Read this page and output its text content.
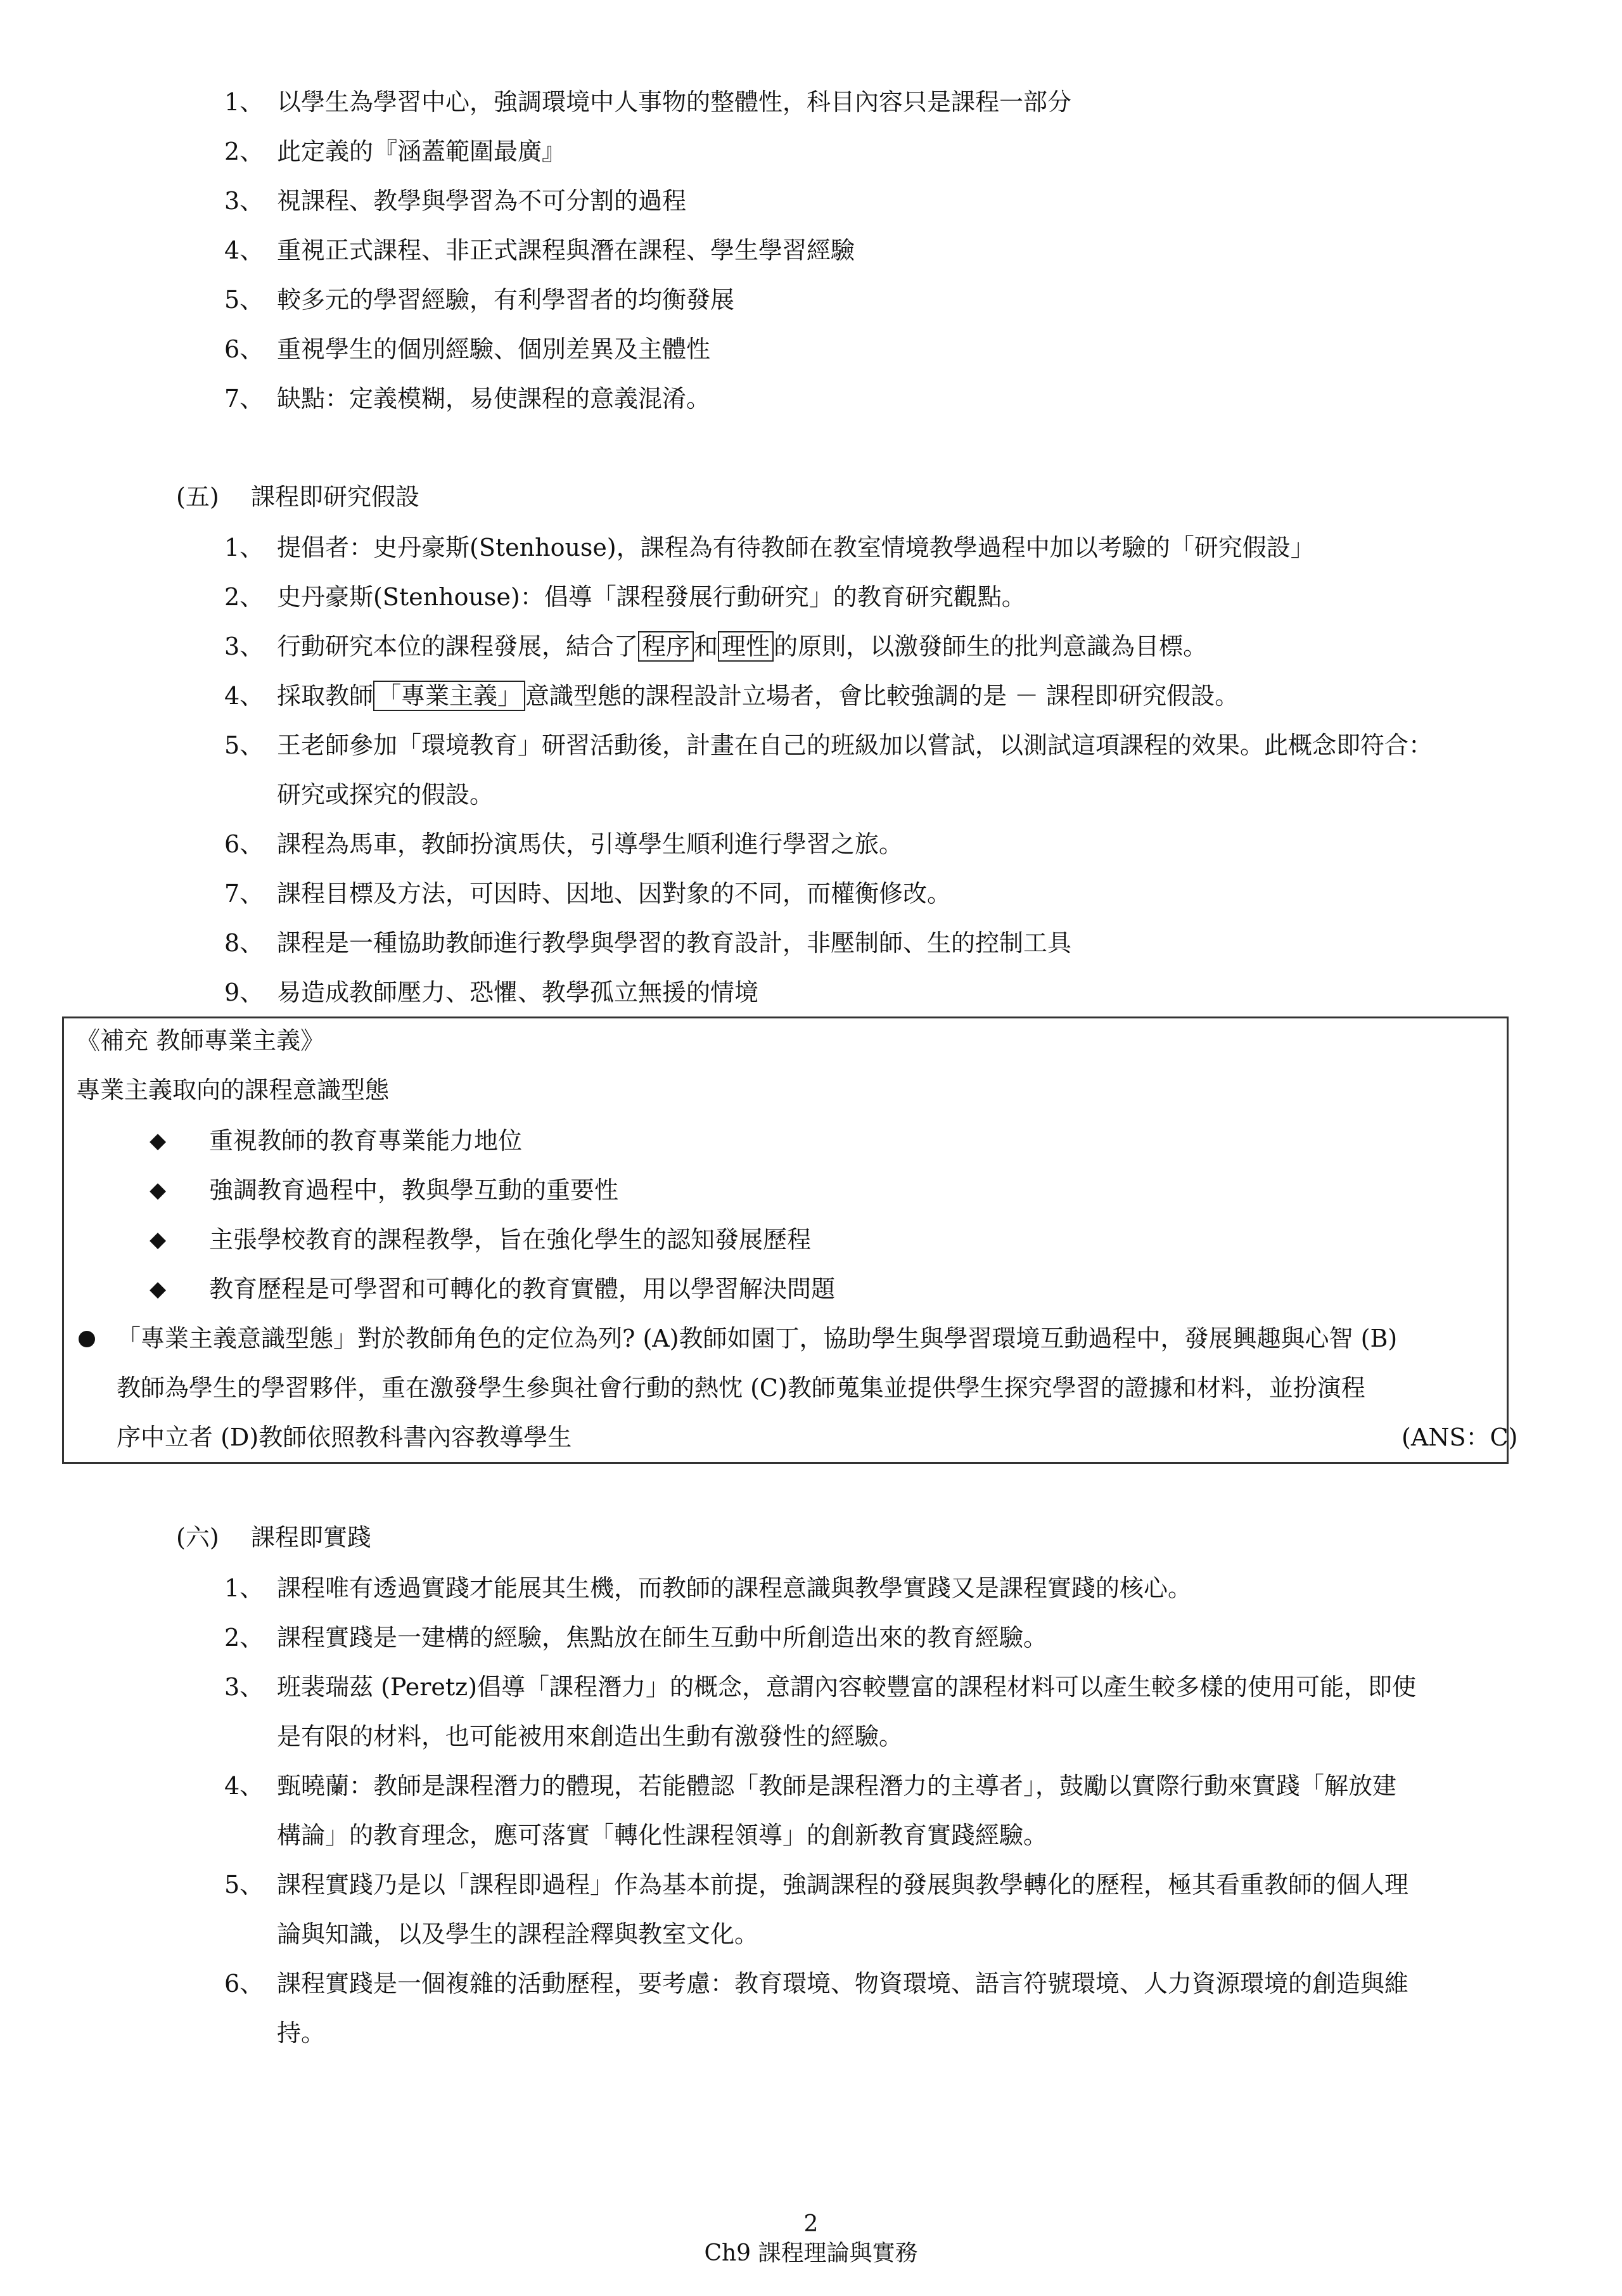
1、 以學生為學習中心，強調環境中人事物的整體性，科目內容只是課程一部分
2、 此定義的『涵蓋範圍最廣』
3、 視課程、教學與學習為不可分割的過程
4、 重視正式課程、非正式課程與潛在課程、學生學習經驗
5、 較多元的學習經驗，有利學習者的均衡發展
6、 重視學生的個別經驗、個別差異及主體性
7、 缺點：定義模糊，易使課程的意義混淆。
(五) 課程即研究假設
1、 提倡者：史丹豪斯(Stenhouse)，課程為有待教師在教室情境教學過程中加以考驗的「研究假設」
2、 史丹豪斯(Stenhouse)：倡導「課程發展行動研究」的教育研究觀點。
3、 行動研究本位的課程發展，結合了 程序 和 理性 的原則，以激發師生的批判意識為目標。
4、 採取教師 「專業主義」 意識型態的課程設計立場者，會比較強調的是 － 課程即研究假設。
5、 王老師參加「環境教育」研習活動後，計畫在自己的班級加以嘗試，以測試這項課程的效果。此概念即符合：
研究或探究的假設。
6、 課程為馬車，教師扮演馬伕，引導學生順利進行學習之旅。
7、 課程目標及方法，可因時、因地、因對象的不同，而權衡修改。
8、 課程是一種協助教師進行教學與學習的教育設計，非壓制師、生的控制工具
9、 易造成教師壓力、恐懼、教學孤立無援的情境
《補充 教師專業主義》
專業主義取向的課程意識型態
◆ 重視教師的教育專業能力地位
◆ 強調教育過程中，教與學互動的重要性
◆ 主張學校教育的課程教學，旨在強化學生的認知發展歷程
◆ 教育歷程是可學習和可轉化的教育實體，用以學習解決問題
「專業主義意識型態」對於教師角色的定位為列? (A)教師如園丁，協助學生與學習環境互動過程中，發展興趣與心智 (B)
教師為學生的學習夥伴，重在激發學生參與社會行動的熱忱 (C)教師蒐集並提供學生探究學習的證據和材料，並扮演程
序中立者 (D)教師依照教科書內容教導學生	(ANS：C)
(六) 課程即實踐
1、 課程唯有透過實踐才能展其生機，而教師的課程意識與教學實踐又是課程實踐的核心。
2、 課程實踐是一建構的經驗，焦點放在師生互動中所創造出來的教育經驗。
3、 班裴瑞茲 (Peretz)倡導「課程潛力」的概念，意謂內容較豐富的課程材料可以產生較多樣的使用可能，即使
是有限的材料，也可能被用來創造出生動有激發性的經驗。
4、 甄曉蘭：教師是課程潛力的體現，若能體認「教師是課程潛力的主導者」，鼓勵以實際行動來實踐「解放建
構論」的教育理念，應可落實「轉化性課程領導」的創新教育實踐經驗。
5、 課程實踐乃是以「課程即過程」作為基本前提，強調課程的發展與教學轉化的歷程，極其看重教師的個人理
論與知識，以及學生的課程詮釋與教室文化。
6、 課程實踐是一個複雜的活動歷程，要考慮：教育環境、物資環境、語言符號環境、人力資源環境的創造與維
持。
2
Ch9 課程理論與實務
